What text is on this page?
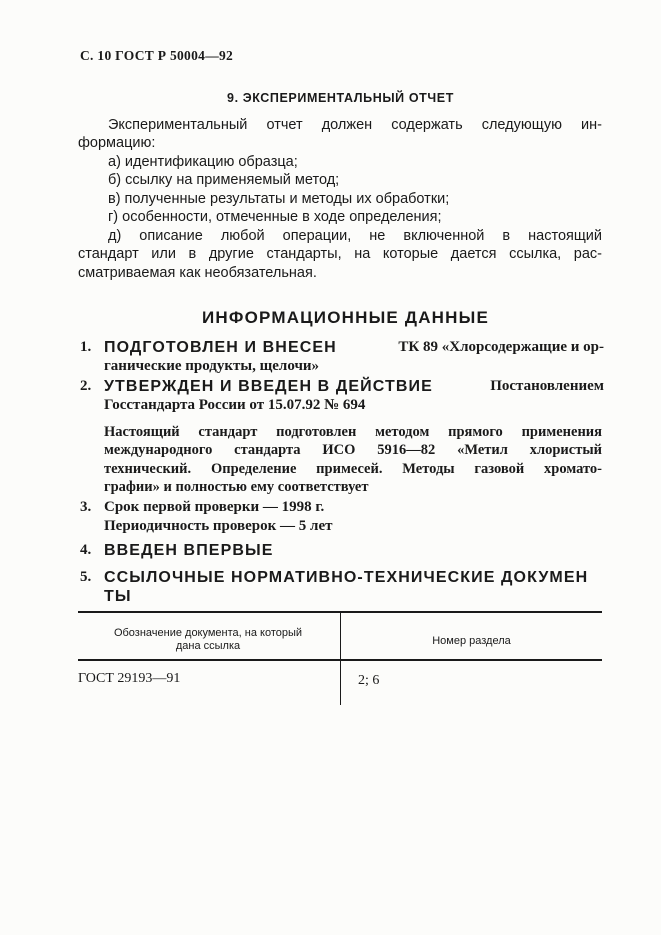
С. 10 ГОСТ Р 50004—92
9. ЭКСПЕРИМЕНТАЛЬНЫЙ ОТЧЕТ
Экспериментальный отчет должен содержать следующую ин-
формацию:
а) идентификацию образца;
б) ссылку на применяемый метод;
в) полученные результаты и методы их обработки;
г) особенности, отмеченные в ходе определения;
д) описание любой операции, не включенной в настоящий
стандарт или в другие стандарты, на которые дается ссылка, рас-
сматриваемая как необязательная.
ИНФОРМАЦИОННЫЕ ДАННЫЕ
1. ПОДГОТОВЛЕН И ВНЕСЕН	ТК 89 «Хлорсодержащие и ор-
ганические продукты, щелочи»
2. УТВЕРЖДЕН И ВВЕДЕН В ДЕЙСТВИЕ	Постановлением
Госстандарта России от 15.07.92 № 694
Настоящий стандарт подготовлен методом прямого применения
международного стандарта ИСО 5916—82 «Метил хлористый
технический. Определение примесей. Методы газовой хромато-
графии» и полностью ему соответствует
3. Срок первой проверки — 1998 г.
Периодичность проверок — 5 лет
4. ВВЕДЕН ВПЕРВЫЕ
5. ССЫЛОЧНЫЕ НОРМАТИВНО-ТЕХНИЧЕСКИЕ ДОКУМЕН
ТЫ
Обозначение документа, на который
дана ссылка	Номер раздела
ГОСТ 29193—91	2; 6
